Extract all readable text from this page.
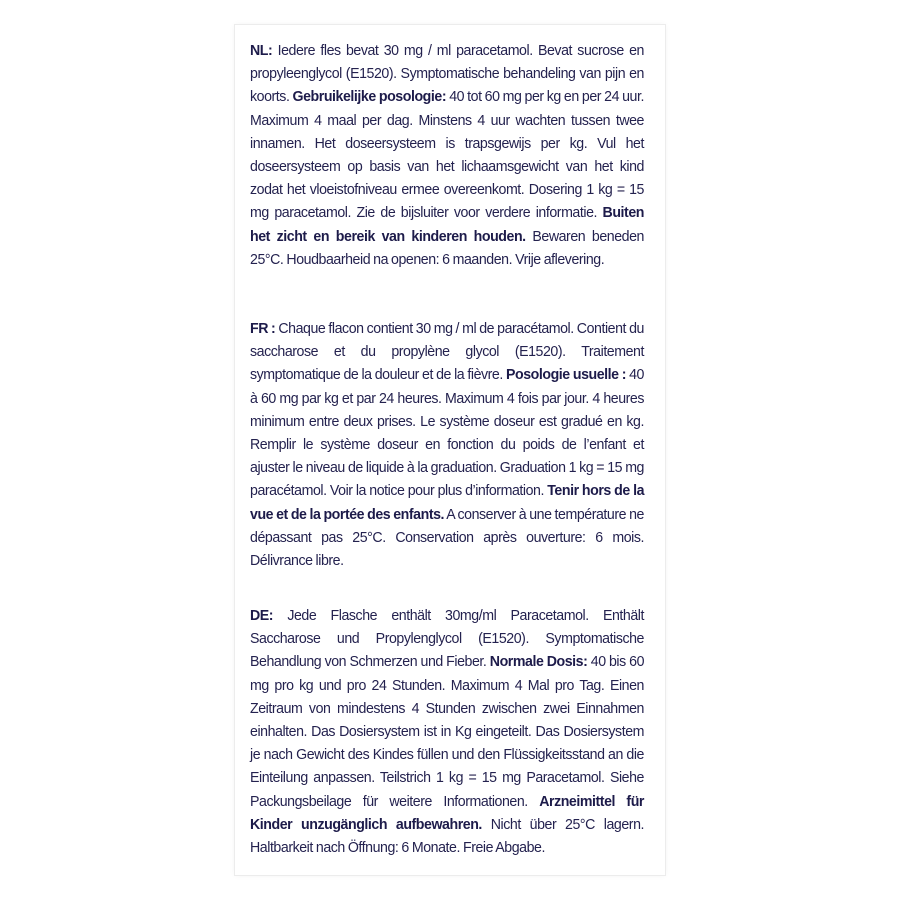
NL: Iedere fles bevat 30 mg / ml paracetamol. Bevat sucrose en propyleenglycol (E1520). Symptomatische behandeling van pijn en koorts. Gebruikelijke posologie: 40 tot 60 mg per kg en per 24 uur. Maximum 4 maal per dag. Minstens 4 uur wachten tussen twee innamen. Het doseersysteem is trapsgewijs per kg. Vul het doseersysteem op basis van het lichaamsgewicht van het kind zodat het vloeistofniveau ermee overeenkomt. Dosering 1 kg = 15 mg paracetamol. Zie de bijsluiter voor verdere informatie. Buiten het zicht en bereik van kinderen houden. Bewaren beneden 25°C. Houdbaarheid na openen: 6 maanden. Vrije aflevering.
FR : Chaque flacon contient 30 mg / ml de paracétamol. Contient du saccharose et du propylène glycol (E1520). Traitement symptomatique de la douleur et de la fièvre. Posologie usuelle : 40 à 60 mg par kg et par 24 heures. Maximum 4 fois par jour. 4 heures minimum entre deux prises. Le système doseur est gradué en kg. Remplir le système doseur en fonction du poids de l’enfant et ajuster le niveau de liquide à la graduation. Graduation 1 kg = 15 mg paracétamol. Voir la notice pour plus d’information. Tenir hors de la vue et de la portée des enfants. A conserver à une température ne dépassant pas 25°C. Conservation après ouverture: 6 mois. Délivrance libre.
DE: Jede Flasche enthält 30mg/ml Paracetamol. Enthält Saccharose und Propylenglycol (E1520). Symptomatische Behandlung von Schmerzen und Fieber. Normale Dosis: 40 bis 60 mg pro kg und pro 24 Stunden. Maximum 4 Mal pro Tag. Einen Zeitraum von mindestens 4 Stunden zwischen zwei Einnahmen einhalten. Das Dosiersystem ist in Kg eingeteilt. Das Dosiersystem je nach Gewicht des Kindes füllen und den Flüssigkeitsstand an die Einteilung anpassen. Teilstrich 1 kg = 15 mg Paracetamol. Siehe Packungsbeilage für weitere Informationen. Arzneimittel für Kinder unzugänglich aufbewahren. Nicht über 25°C lagern. Haltbarkeit nach Öffnung: 6 Monate. Freie Abgabe.
